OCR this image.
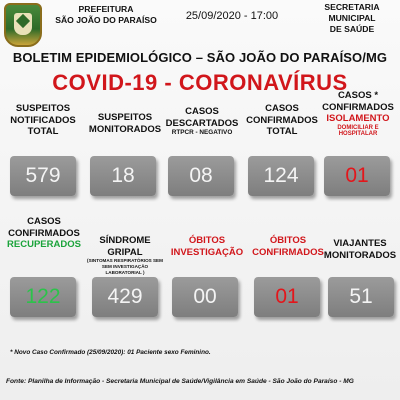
PREFEITURA
SÃO JOÃO DO PARAÍSO	25/09/2020 - 17:00
SECRETARIA
MUNICIPAL
DE SAÚDE
BOLETIM EPIDEMIOLÓGICO – SÃO JOÃO DO PARAÍSO/MG
COVID-19 - CORONAVÍRUS
SUSPEITOS
NOTIFICADOS
TOTAL
579
SUSPEITOS
MONITORADOS
18
CASOS
DESCARTADOS
RTPCR - NEGATIVO
08
CASOS
CONFIRMADOS
TOTAL
124
CASOS *
CONFIRMADOS
ISOLAMENTO
DOMICILIAR E HOSPITALAR
01
CASOS
CONFIRMADOS
RECUPERADOS
122
SÍNDROME GRIPAL
(SINTOMAS RESPIRATÓRIOS SEM
SEM INVESTIGAÇÃO LABORATORIAL )
429
ÓBITOS
INVESTIGAÇÃO
00
ÓBITOS
CONFIRMADOS
01
VIAJANTES
MONITORADOS
51
* Novo Caso Confirmado (25/09/2020): 01 Paciente sexo Feminino.
Fonte: Planilha de Informação - Secretaria Municipal de Saúde/Vigilância em Saúde - São João do Paraíso - MG
